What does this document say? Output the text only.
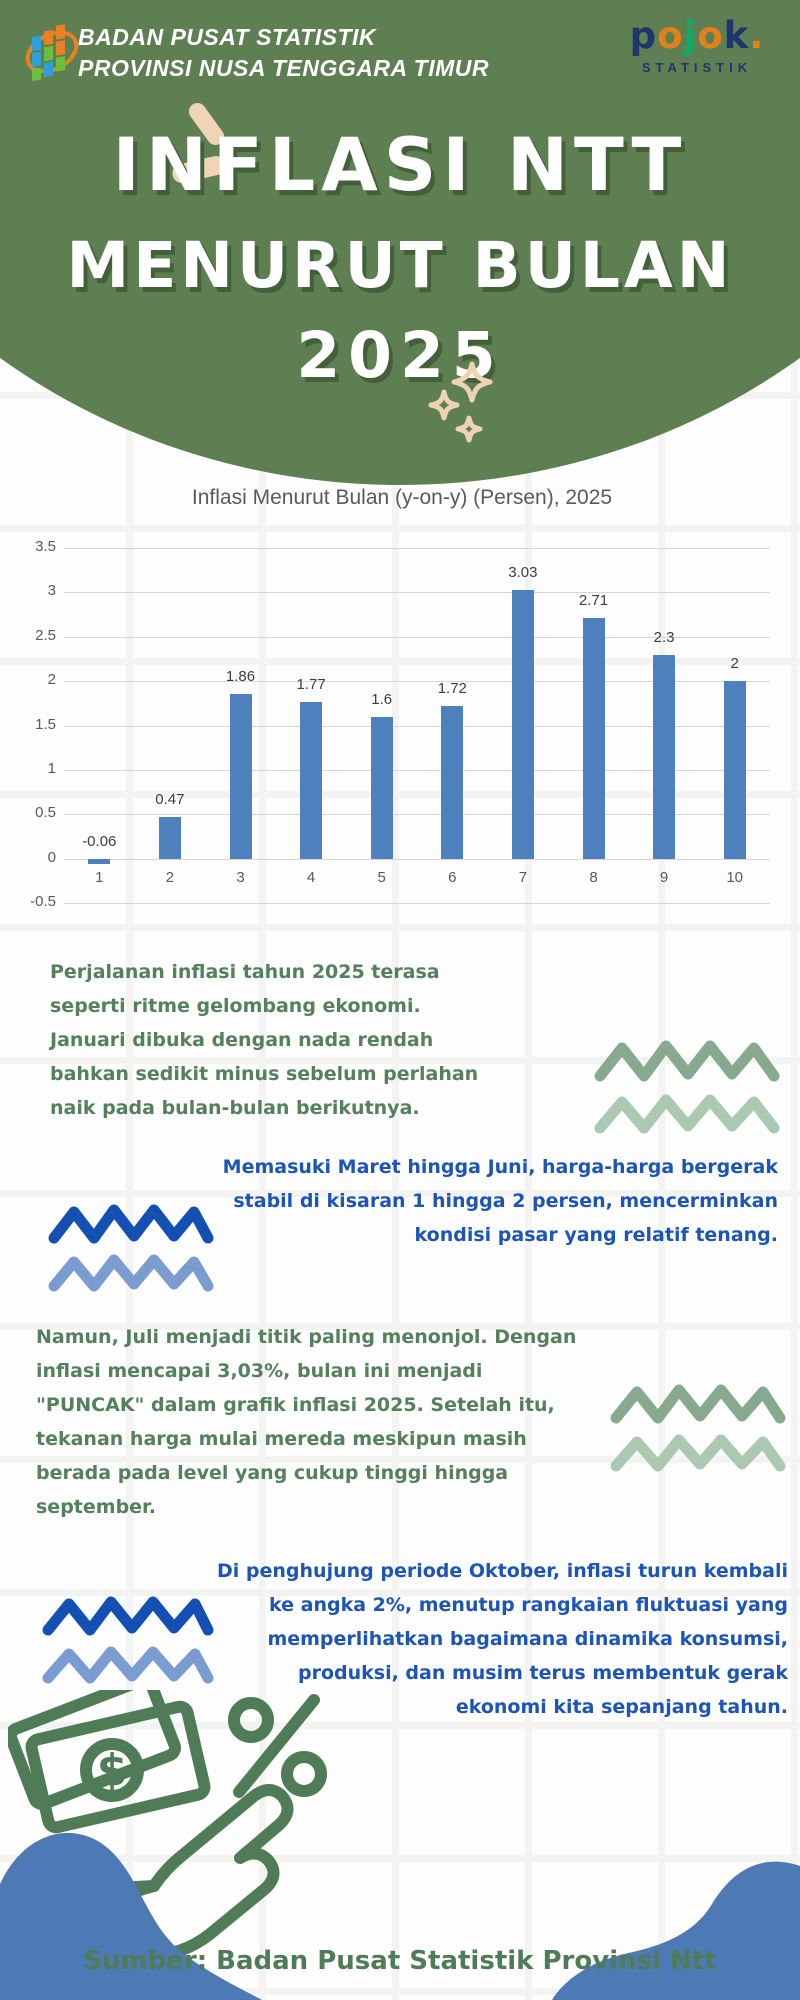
BADAN PUSAT STATISTIK
PROVINSI NUSA TENGGARA TIMUR
pojok.
STATISTIK
INFLASI NTT
MENURUT BULAN
2025
Inflasi Menurut Bulan (y-on-y) (Persen), 2025
3.5
3
2.5
2
1.5
1
0.5
0
-0.5
-0.06
1
0.47
2
1.86
3
1.77
4
1.6
5
1.72
6
3.03
7
2.71
8
2.3
9
2
10
Perjalanan inflasi tahun 2025 terasa seperti ritme gelombang ekonomi. Januari dibuka dengan nada rendah bahkan sedikit minus sebelum perlahan naik pada bulan-bulan berikutnya.
Memasuki Maret hingga Juni, harga-harga bergerak stabil di kisaran 1 hingga 2 persen, mencerminkan kondisi pasar yang relatif tenang.
Namun, Juli menjadi titik paling menonjol. Dengan inflasi mencapai 3,03%, bulan ini menjadi "PUNCAK" dalam grafik inflasi 2025. Setelah itu, tekanan harga mulai mereda meskipun masih berada pada level yang cukup tinggi hingga september.
Di penghujung periode Oktober, inflasi turun kembali ke angka 2%, menutup rangkaian fluktuasi yang memperlihatkan bagaimana dinamika konsumsi, produksi, dan musim terus membentuk gerak ekonomi kita sepanjang tahun.
$
Sumber: Badan Pusat Statistik Provinsi Ntt
